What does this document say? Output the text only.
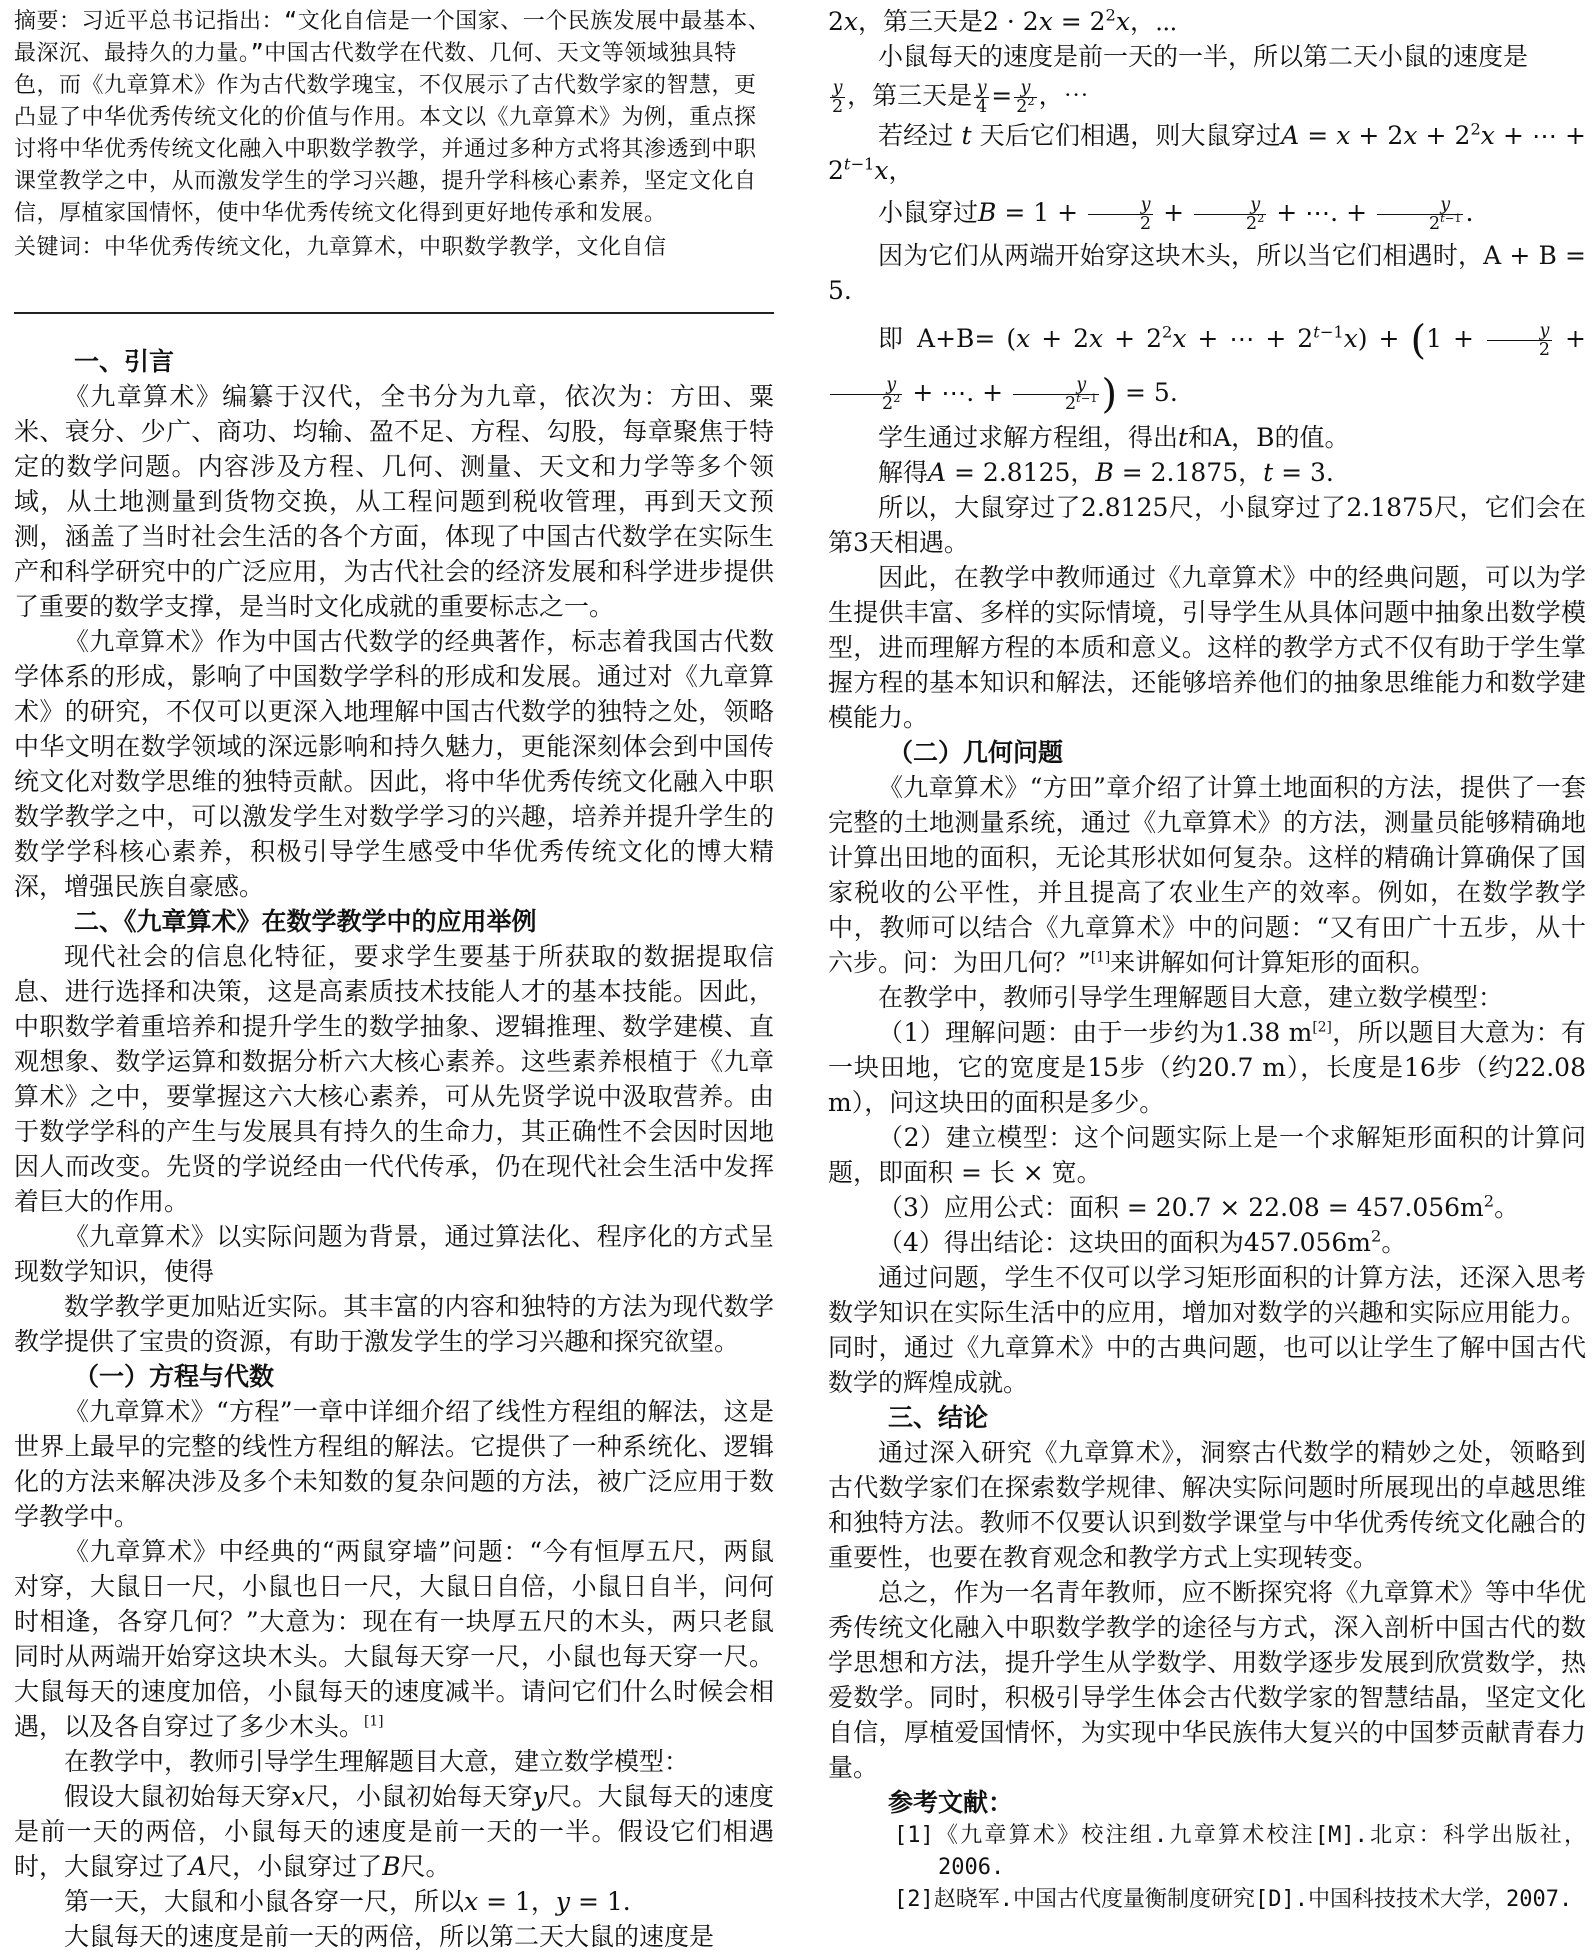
摘要：习近平总书记指出：“文化自信是一个国家、一个民族发展中最基本、最深沉、最持久的力量。”中国古代数学在代数、几何、天文等领域独具特色，而《九章算术》作为古代数学瑰宝，不仅展示了古代数学家的智慧，更凸显了中华优秀传统文化的价值与作用。本文以《九章算术》为例，重点探讨将中华优秀传统文化融入中职数学教学，并通过多种方式将其渗透到中职课堂教学之中，从而激发学生的学习兴趣，提升学科核心素养，坚定文化自信，厚植家国情怀，使中华优秀传统文化得到更好地传承和发展。

关键词：中华优秀传统文化，九章算术，中职数学教学，文化自信

一、引言

《九章算术》编纂于汉代，全书分为九章，依次为：方田、粟米、衰分、少广、商功、均输、盈不足、方程、勾股，每章聚焦于特定的数学问题。内容涉及方程、几何、测量、天文和力学等多个领域，从土地测量到货物交换，从工程问题到税收管理，再到天文预测，涵盖了当时社会生活的各个方面，体现了中国古代数学在实际生产和科学研究中的广泛应用，为古代社会的经济发展和科学进步提供了重要的数学支撑，是当时文化成就的重要标志之一。

《九章算术》作为中国古代数学的经典著作，标志着我国古代数学体系的形成，影响了中国数学学科的形成和发展。通过对《九章算术》的研究，不仅可以更深入地理解中国古代数学的独特之处，领略中华文明在数学领域的深远影响和持久魅力，更能深刻体会到中国传统文化对数学思维的独特贡献。因此，将中华优秀传统文化融入中职数学教学之中，可以激发学生对数学学习的兴趣，培养并提升学生的数学学科核心素养，积极引导学生感受中华优秀传统文化的博大精深，增强民族自豪感。

二、《九章算术》在数学教学中的应用举例

现代社会的信息化特征，要求学生要基于所获取的数据提取信息、进行选择和决策，这是高素质技术技能人才的基本技能。因此，中职数学着重培养和提升学生的数学抽象、逻辑推理、数学建模、直观想象、数学运算和数据分析六大核心素养。这些素养根植于《九章算术》之中，要掌握这六大核心素养，可从先贤学说中汲取营养。由于数学学科的产生与发展具有持久的生命力，其正确性不会因时因地因人而改变。先贤的学说经由一代代传承，仍在现代社会生活中发挥着巨大的作用。

《九章算术》以实际问题为背景，通过算法化、程序化的方式呈现数学知识，使得

数学教学更加贴近实际。其丰富的内容和独特的方法为现代数学教学提供了宝贵的资源，有助于激发学生的学习兴趣和探究欲望。

（一）方程与代数

《九章算术》“方程”一章中详细介绍了线性方程组的解法，这是世界上最早的完整的线性方程组的解法。它提供了一种系统化、逻辑化的方法来解决涉及多个未知数的复杂问题的方法，被广泛应用于数学教学中。

《九章算术》中经典的“两鼠穿墙”问题：“今有恒厚五尺，两鼠对穿，大鼠日一尺，小鼠也日一尺，大鼠日自倍，小鼠日自半，问何时相逢，各穿几何？”大意为：现在有一块厚五尺的木头，两只老鼠同时从两端开始穿这块木头。大鼠每天穿一尺，小鼠也每天穿一尺。大鼠每天的速度加倍，小鼠每天的速度减半。请问它们什么时候会相遇，以及各自穿过了多少木头。[1]

在教学中，教师引导学生理解题目大意，建立数学模型：

假设大鼠初始每天穿x尺，小鼠初始每天穿y尺。大鼠每天的速度是前一天的两倍，小鼠每天的速度是前一天的一半。假设它们相遇时，大鼠穿过了A尺，小鼠穿过了B尺。

第一天，大鼠和小鼠各穿一尺，所以x = 1，y = 1.

大鼠每天的速度是前一天的两倍，所以第二天大鼠的速度是

2x，第三天是$2 \cdot 2x = 2^2x$，⋯

小鼠每天的速度是前一天的一半，所以第二天小鼠的速度是

$\frac{y}{2}$ ，第三天是 $\frac{y}{4} = \frac{y}{2^2}$ ，⋯

若经过 t 天后它们相遇，则大鼠穿过$A = x + 2x + 2^2x$ + ⋯ + $2^{t-1}x$，

小鼠穿过$B = 1 + \frac{y}{2} + \frac{y}{2^2}$ + ⋯. + $\frac{y}{2^{t-1}}$ .

因为它们从两端开始穿这块木头，所以当它们相遇时，A + B = 5.

即 $A+B= (x + 2x + 2^2x$ + ⋯ + $2^{t-1}x) + (1 + \frac{y}{2}$ +
$\frac{y}{2^2}$ + ⋯. + $\frac{y}{2^{t-1}}$ ) = 5.

学生通过求解方程组，得出t和A，B的值。

解得A = 2.8125，B = 2.1875，t = 3.

所以，大鼠穿过了2.8125尺，小鼠穿过了2.1875尺，它们会在第3天相遇。

因此，在教学中教师通过《九章算术》中的经典问题，可以为学生提供丰富、多样的实际情境，引导学生从具体问题中抽象出数学模型，进而理解方程的本质和意义。这样的教学方式不仅有助于学生掌握方程的基本知识和解法，还能够培养他们的抽象思维能力和数学建模能力。

（二）几何问题

《九章算术》“方田”章介绍了计算土地面积的方法，提供了一套完整的土地测量系统，通过《九章算术》的方法，测量员能够精确地计算出田地的面积，无论其形状如何复杂。这样的精确计算确保了国家税收的公平性，并且提高了农业生产的效率。例如，在数学教学中，教师可以结合《九章算术》中的问题：“又有田广十五步，从十六步。问：为田几何？”[1]来讲解如何计算矩形的面积。

在教学中，教师引导学生理解题目大意，建立数学模型：

（1）理解问题：由于一步约为1.38 m[2]，所以题目大意为：有一块田地，它的宽度是15步（约20.7 m），长度是16步（约22.08 m），问这块田的面积是多少。

（2）建立模型：这个问题实际上是一个求解矩形面积的计算问题，即面积 = 长 × 宽。

（3）应用公式：面积 = $20.7 \times 22.08 = 457.056m^2$。

（4）得出结论：这块田的面积为$457.056m^2$。

通过问题，学生不仅可以学习矩形面积的计算方法，还深入思考数学知识在实际生活中的应用，增加对数学的兴趣和实际应用能力。同时，通过《九章算术》中的古典问题，也可以让学生了解中国古代数学的辉煌成就。

三、结论

通过深入研究《九章算术》，洞察古代数学的精妙之处，领略到古代数学家们在探索数学规律、解决实际问题时所展现出的卓越思维和独特方法。教师不仅要认识到数学课堂与中华优秀传统文化融合的重要性，也要在教育观念和教学方式上实现转变。

总之，作为一名青年教师，应不断探究将《九章算术》等中华优秀传统文化融入中职数学教学的途径与方式，深入剖析中国古代的数学思想和方法，提升学生从学数学、用数学逐步发展到欣赏数学，热爱数学。同时，积极引导学生体会古代数学家的智慧结晶，坚定文化自信，厚植爱国情怀，为实现中华民族伟大复兴的中国梦贡献青春力量。

参考文献：
[1]《九章算术》校注组.九章算术校注[M].北京：科学出版社，2006.
[2]赵晓军.中国古代度量衡制度研究[D].中国科技技术大学，2007.
